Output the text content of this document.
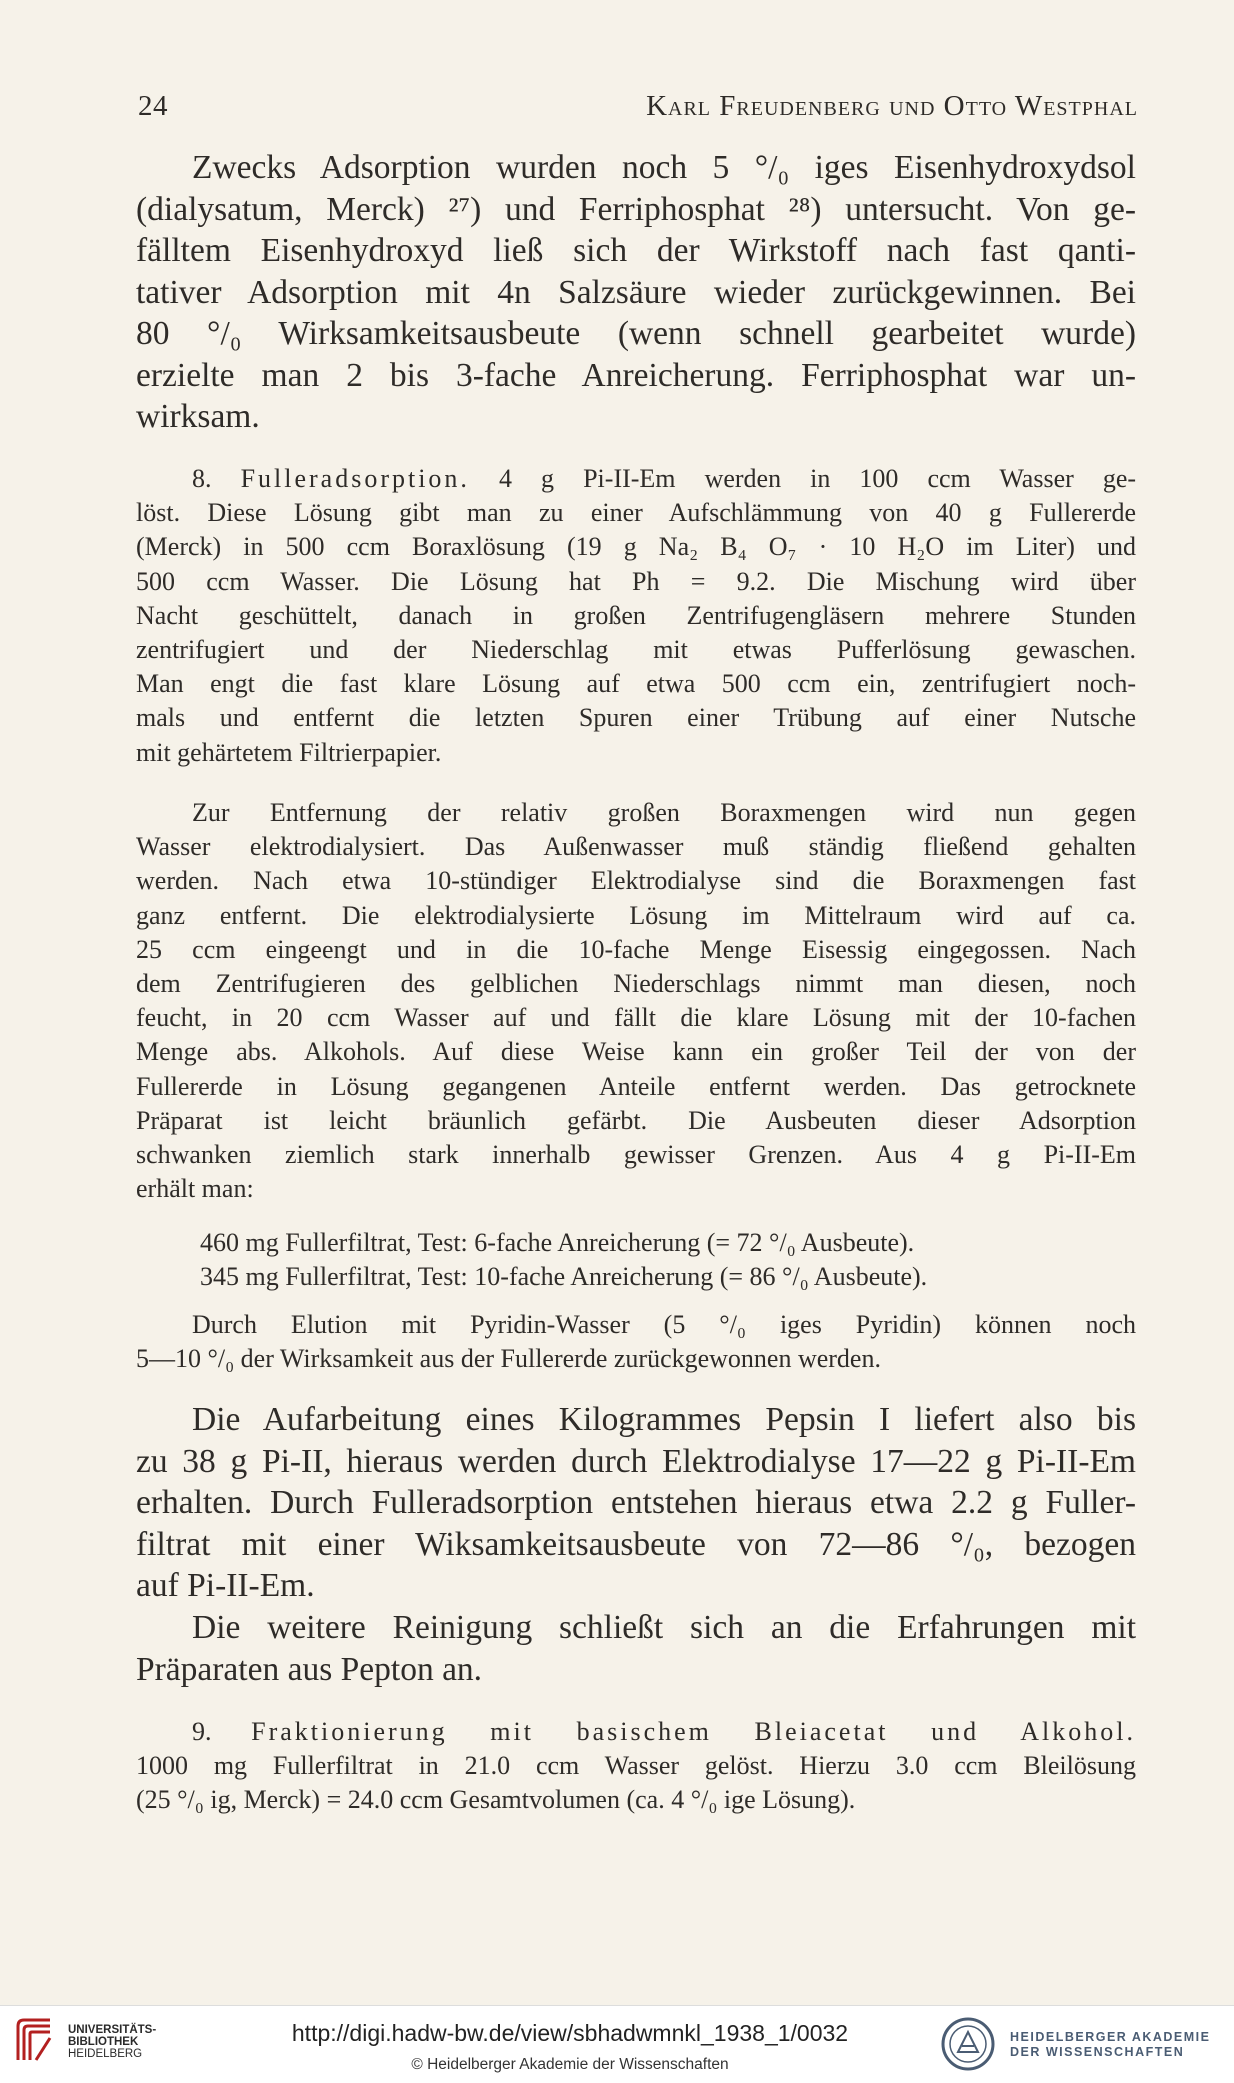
24	Karl Freudenberg und Otto Westphal
Zwecks Adsorption wurden noch 5 °/₀ iges Eisenhydroxydsol
(dialysatum, Merck) ²⁷) und Ferriphosphat ²⁸) untersucht. Von ge-
fälltem Eisenhydroxyd ließ sich der Wirkstoff nach fast qanti-
tativer Adsorption mit 4n Salzsäure wieder zurückgewinnen. Bei
80 °/₀ Wirksamkeitsausbeute (wenn schnell gearbeitet wurde)
erzielte man 2 bis 3-fache Anreicherung. Ferriphosphat war un-
wirksam.
8. Fulleradsorption. 4 g Pi-II-Em werden in 100 ccm Wasser ge-
löst. Diese Lösung gibt man zu einer Aufschlämmung von 40 g Fullererde
(Merck) in 500 ccm Boraxlösung (19 g Na₂ B₄ O₇ · 10 H₂O im Liter) und
500 ccm Wasser. Die Lösung hat Ph = 9.2. Die Mischung wird über
Nacht geschüttelt, danach in großen Zentrifugengläsern mehrere Stunden
zentrifugiert und der Niederschlag mit etwas Pufferlösung gewaschen.
Man engt die fast klare Lösung auf etwa 500 ccm ein, zentrifugiert noch-
mals und entfernt die letzten Spuren einer Trübung auf einer Nutsche
mit gehärtetem Filtrierpapier.
Zur Entfernung der relativ großen Boraxmengen wird nun gegen
Wasser elektrodialysiert. Das Außenwasser muß ständig fließend gehalten
werden. Nach etwa 10-stündiger Elektrodialyse sind die Boraxmengen fast
ganz entfernt. Die elektrodialysierte Lösung im Mittelraum wird auf ca.
25 ccm eingeengt und in die 10-fache Menge Eisessig eingegossen. Nach
dem Zentrifugieren des gelblichen Niederschlags nimmt man diesen, noch
feucht, in 20 ccm Wasser auf und fällt die klare Lösung mit der 10-fachen
Menge abs. Alkohols. Auf diese Weise kann ein großer Teil der von der
Fullererde in Lösung gegangenen Anteile entfernt werden. Das getrocknete
Präparat ist leicht bräunlich gefärbt. Die Ausbeuten dieser Adsorption
schwanken ziemlich stark innerhalb gewisser Grenzen. Aus 4 g Pi-II-Em
erhält man:
460 mg Fullerfiltrat, Test: 6-fache Anreicherung (= 72 °/₀ Ausbeute).
345 mg Fullerfiltrat, Test: 10-fache Anreicherung (= 86 °/₀ Ausbeute).
Durch Elution mit Pyridin-Wasser (5 °/₀ iges Pyridin) können noch
5—10 °/₀ der Wirksamkeit aus der Fullererde zurückgewonnen werden.
Die Aufarbeitung eines Kilogrammes Pepsin I liefert also bis
zu 38 g Pi-II, hieraus werden durch Elektrodialyse 17—22 g Pi-II-Em
erhalten. Durch Fulleradsorption entstehen hieraus etwa 2.2 g Fuller-
filtrat mit einer Wiksamkeitsausbeute von 72—86 °/₀, bezogen
auf Pi-II-Em.
Die weitere Reinigung schließt sich an die Erfahrungen mit
Präparaten aus Pepton an.
9. Fraktionierung mit basischem Bleiacetat und Alkohol.
1000 mg Fullerfiltrat in 21.0 ccm Wasser gelöst. Hierzu 3.0 ccm Bleilösung
(25 °/₀ ig, Merck) = 24.0 ccm Gesamtvolumen (ca. 4 °/₀ ige Lösung).
UNIVERSITÄTS-
BIBLIOTHEK
HEIDELBERG
http://digi.hadw-bw.de/view/sbhadwmnkl_1938_1/0032
© Heidelberger Akademie der Wissenschaften
HEIDELBERGER AKADEMIE
DER WISSENSCHAFTEN
